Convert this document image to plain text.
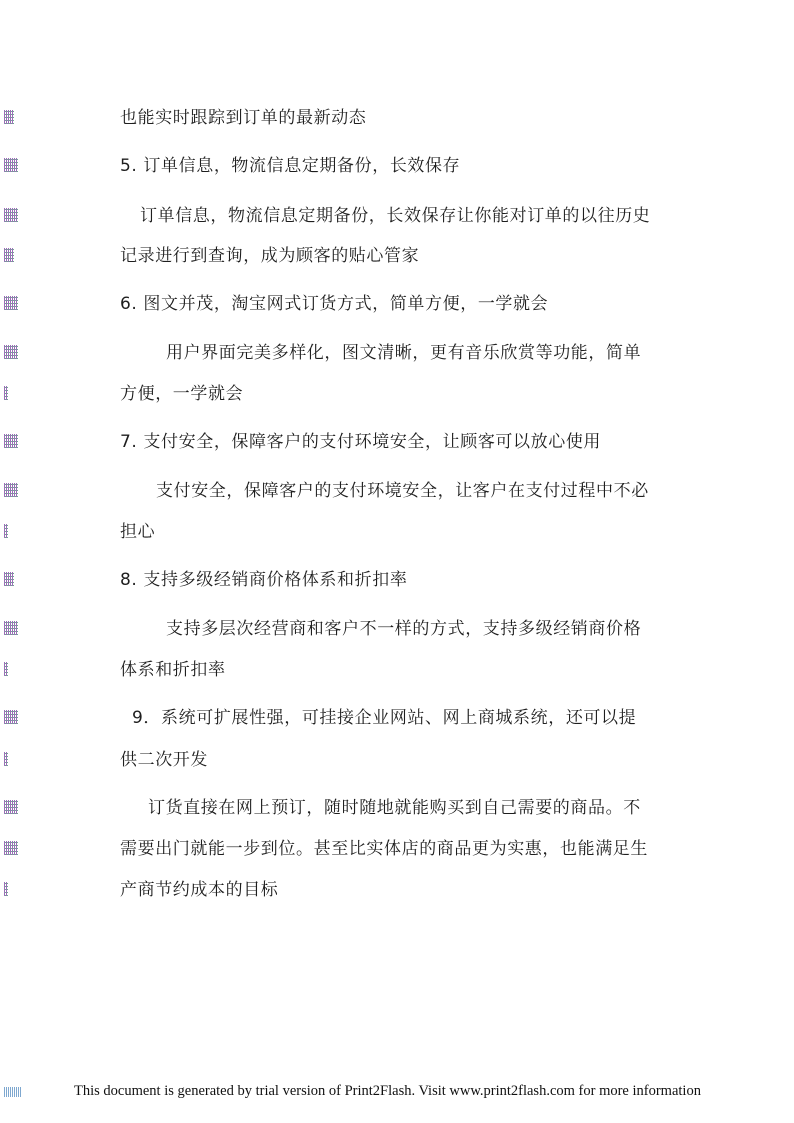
也能实时跟踪到订单的最新动态
5. 订单信息，物流信息定期备份，长效保存
订单信息，物流信息定期备份，长效保存让你能对订单的以往历史
记录进行到查询，成为顾客的贴心管家
6. 图文并茂，淘宝网式订货方式，简单方便，一学就会
用户界面完美多样化，图文清晰，更有音乐欣赏等功能，简单
方便，一学就会
7. 支付安全，保障客户的支付环境安全，让顾客可以放心使用
支付安全，保障客户的支付环境安全，让客户在支付过程中不必
担心
8. 支持多级经销商价格体系和折扣率
支持多层次经营商和客户不一样的方式，支持多级经销商价格
体系和折扣率
9．系统可扩展性强，可挂接企业网站、网上商城系统，还可以提
供二次开发
订货直接在网上预订，随时随地就能购买到自己需要的商品。不
需要出门就能一步到位。甚至比实体店的商品更为实惠，也能满足生
产商节约成本的目标
This document is generated by trial version of Print2Flash. Visit www.print2flash.com for more information
